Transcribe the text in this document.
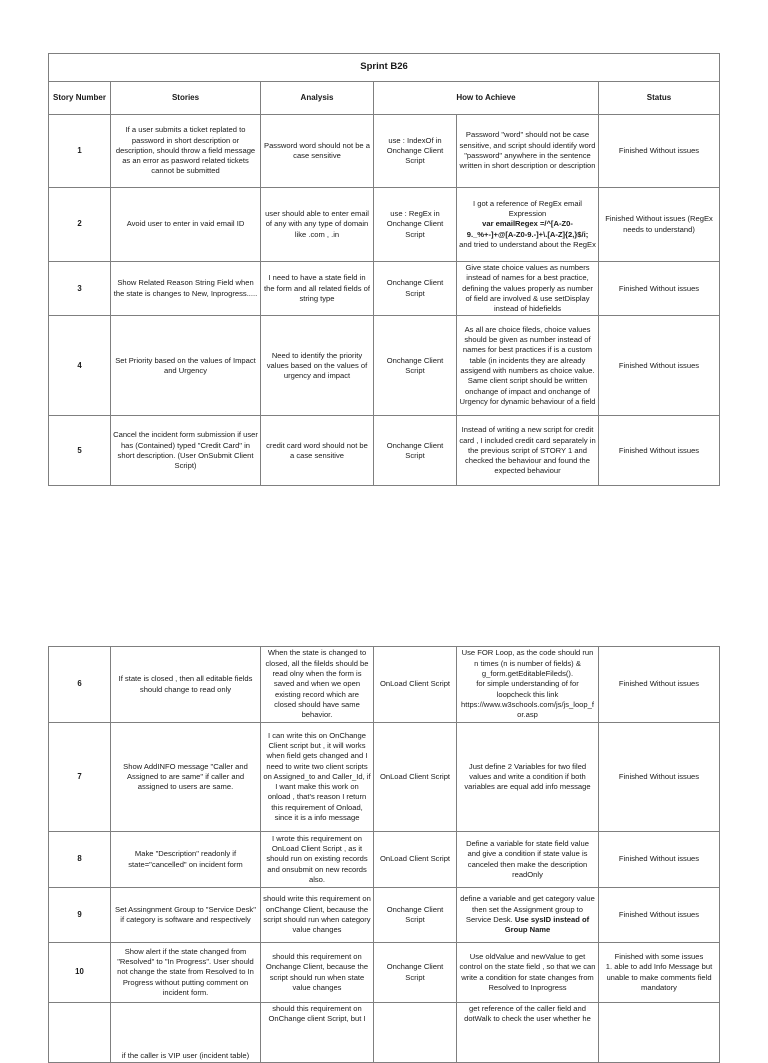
Sprint B26					
Story Number	Stories	Analysis	How to Achieve		Status
1	If a user submits a ticket replated to password in short description or description, should throw a field message as an error as pasword related tickets cannot be submitted	Password word should not be a case sensitive	use : IndexOf in
Onchange Client Script	Password "word" should not be case sensitive, and script should identify word "password" anywhere in the sentence written in short description or description	Finished Without issues
2	Avoid user to enter in vaid email ID	user should able to enter email of any with any type of domain like .com , .in	use : RegEx in
Onchange Client Script	I got a reference of RegEx email Expression
var emailRegex =/^[A-Z0-9._%+-]+@[A-Z0-9.-]+\.[A-Z]{2,}$/i;
and tried to understand about the RegEx	Finished Without issues (RegEx needs to understand)
3	Show Related Reason String Field when the state is changes to New, Inprogress.....	I need to have a state field in the form and all related fields of string type	Onchange Client Script	Give state choice values as numbers instead of names for a best practice, defining the values properly as number of field are involved & use setDisplay instead of hidefields	Finished Without issues
4	Set Priority based on the values of Impact and Urgency	Need to identify the priority values based on the values of urgency and impact	Onchange Client Script	As all are choice fileds, choice values should be given as number instead of names for best practices if is a custom table (in incidents they are already assigend with numbers as choice value. Same client script should be written onchange of impact and onchange of Urgency for dynamic behaviour of a field	Finished Without issues
5	Cancel the incident form submission if user has (Contained) typed "Credit Card" in short description. (User OnSubmit Client Script)	credit card word should not be a case sensitive	Onchange Client Script	Instead of writing a new script for credit card , I included credit card separately in the previous script of STORY 1 and checked the behaviour and found the expected behaviour	Finished Without issues
6	If state is closed , then all editable fields should change to read only	When the state is changed to closed, all the filelds should be read olny when the form is saved and when we open existing record which are closed should have same behavior.	OnLoad Client Script	Use FOR Loop, as the code should run n times (n is number of fields) & g_form.getEditableFileds().
for simple understanding of for loopcheck this link
https://www.w3schools.com/js/js_loop_for.asp	Finished Without issues
7	Show AddINFO message "Caller and Assigned to are same" if caller and assigned to users are same.	I can write this on OnChange Client script but , it will works when field gets changed and I need to write two client scripts on Assigned_to and Caller_Id, if I want make this work on onload , that's reason I return this requirement of Onload, since it is a info message	OnLoad Client Script	Just define 2 Variables for two filed values and write a condition if both variables are equal add info message	Finished Without issues
8	Make "Description" readonly if state="cancelled" on incident form	I wrote this requirement on OnLoad Client Script , as it should run on existing records and onsubmit on new records also.	OnLoad Client Script	Define a variable for state field value and give a condition if state value is canceled then make the description readOnly	Finished Without issues
9	Set Assingnment Group to "Service Desk" if category is software and respectively	should write this requirement on onChange Client, because the script should run when category value changes	Onchange Client Script	define a variable and get category value then set the Assignment group to Service Desk. Use sysID instead of Group Name	Finished Without issues
10	Show alert if the state changed from "Resolved" to "In Progress". User should not change the state from Resolved to In Progress without putting comment on incident form.	should this requirement on Onchange Client, because the script should run when state value changes	Onchange Client Script	Use oldValue and newValue to get control on the state field , so that we can write a condition for state changes from Resolved to Inprogress	Finished with some issues
1. able to add Info Message but unable to make comments field mandatory
	if the caller is VIP user (incident table)	should this requirement on OnChange client Script, but I		get reference of the caller field and dotWalk to check the user whether he	
